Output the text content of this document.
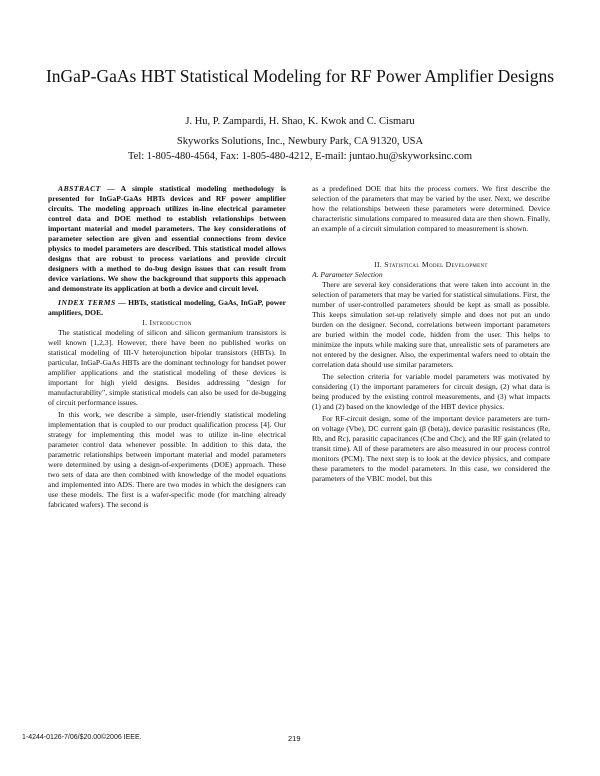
InGaP-GaAs HBT Statistical Modeling for RF Power Amplifier Designs
J. Hu, P. Zampardi, H. Shao, K. Kwok and C. Cismaru
Skyworks Solutions, Inc., Newbury Park, CA 91320, USA
Tel: 1-805-480-4564, Fax: 1-805-480-4212, E-mail: juntao.hu@skyworksinc.com

ABSTRACT — A simple statistical modeling methodology is presented for InGaP-GaAs HBTs devices and RF power amplifier circuits. The modeling approach utilizes in-line electrical parameter control data and DOE method to establish relationships between important material and model parameters. The key considerations of parameter selection are given and essential connections from device physics to model parameters are described. This statistical model allows designs that are robust to process variations and provide circuit designers with a method to do-bug design issues that can result from device variations. We show the background that supports this approach and demonstrate its application at both a device and circuit level.

INDEX TERMS — HBTs, statistical modeling, GaAs, InGaP, power amplifiers, DOE.

I. Introduction

The statistical modeling of silicon and silicon germanium transistors is well known [1,2,3]. However, there have been no published works on statistical modeling of III-V heterojunction bipolar transistors (HBTs). In particular, InGaP-GaAs HBTs are the dominant technology for handset power amplifier applications and the statistical modeling of these devices is important for high yield designs. Besides addressing "design for manufacturability", simple statistical models can also be used for de-bugging of circuit performance issues.

In this work, we describe a simple, user-friendly statistical modeling implementation that is coupled to our product qualification process [4]. Our strategy for implementing this model was to utilize in-line electrical parameter control data whenever possible. In addition to this data, the parametric relationships between important material and model parameters were determined by using a design-of-experiments (DOE) approach. These two sets of data are then combined with knowledge of the model equations and implemented into ADS. There are two modes in which the designers can use these models. The first is a wafer-specific mode (for matching already fabricated wafers). The second is

as a predefined DOE that hits the process corners. We first describe the selection of the parameters that may be varied by the user. Next, we describe how the relationships between these parameters were determined. Device characteristic simulations compared to measured data are then shown. Finally, an example of a circuit simulation compared to measurement is shown.

II. Statistical Model Development

A. Parameter Selection

There are several key considerations that were taken into account in the selection of parameters that may be varied for statistical simulations. First, the number of user-controlled parameters should be kept as small as possible. This keeps simulation set-up relatively simple and does not put an undo burden on the designer. Second, correlations between important parameters are buried within the model code, hidden from the user. This helps to minimize the inputs while making sure that, unrealistic sets of parameters are not entered by the designer. Also, the experimental wafers need to obtain the correlation data should use similar parameters.

The selection criteria for variable model parameters was motivated by considering (1) the important parameters for circuit design, (2) what data is being produced by the existing control measurements, and (3) what impacts (1) and (2) based on the knowledge of the HBT device physics.

For RF-circuit design, some of the important device parameters are turn-on voltage (Vbe), DC current gain (β (beta)), device parasitic resistances (Re, Rb, and Rc), parasitic capacitances (Cbe and Cbc), and the RF gain (related to transit time). All of these parameters are also measured in our process control monitors (PCM). The next step is to look at the device physics, and compare these parameters to the model parameters. In this case, we considered the parameters of the VBIC model, but this

1-4244-0126-7/06/$20.00©2006 IEEE.	219
